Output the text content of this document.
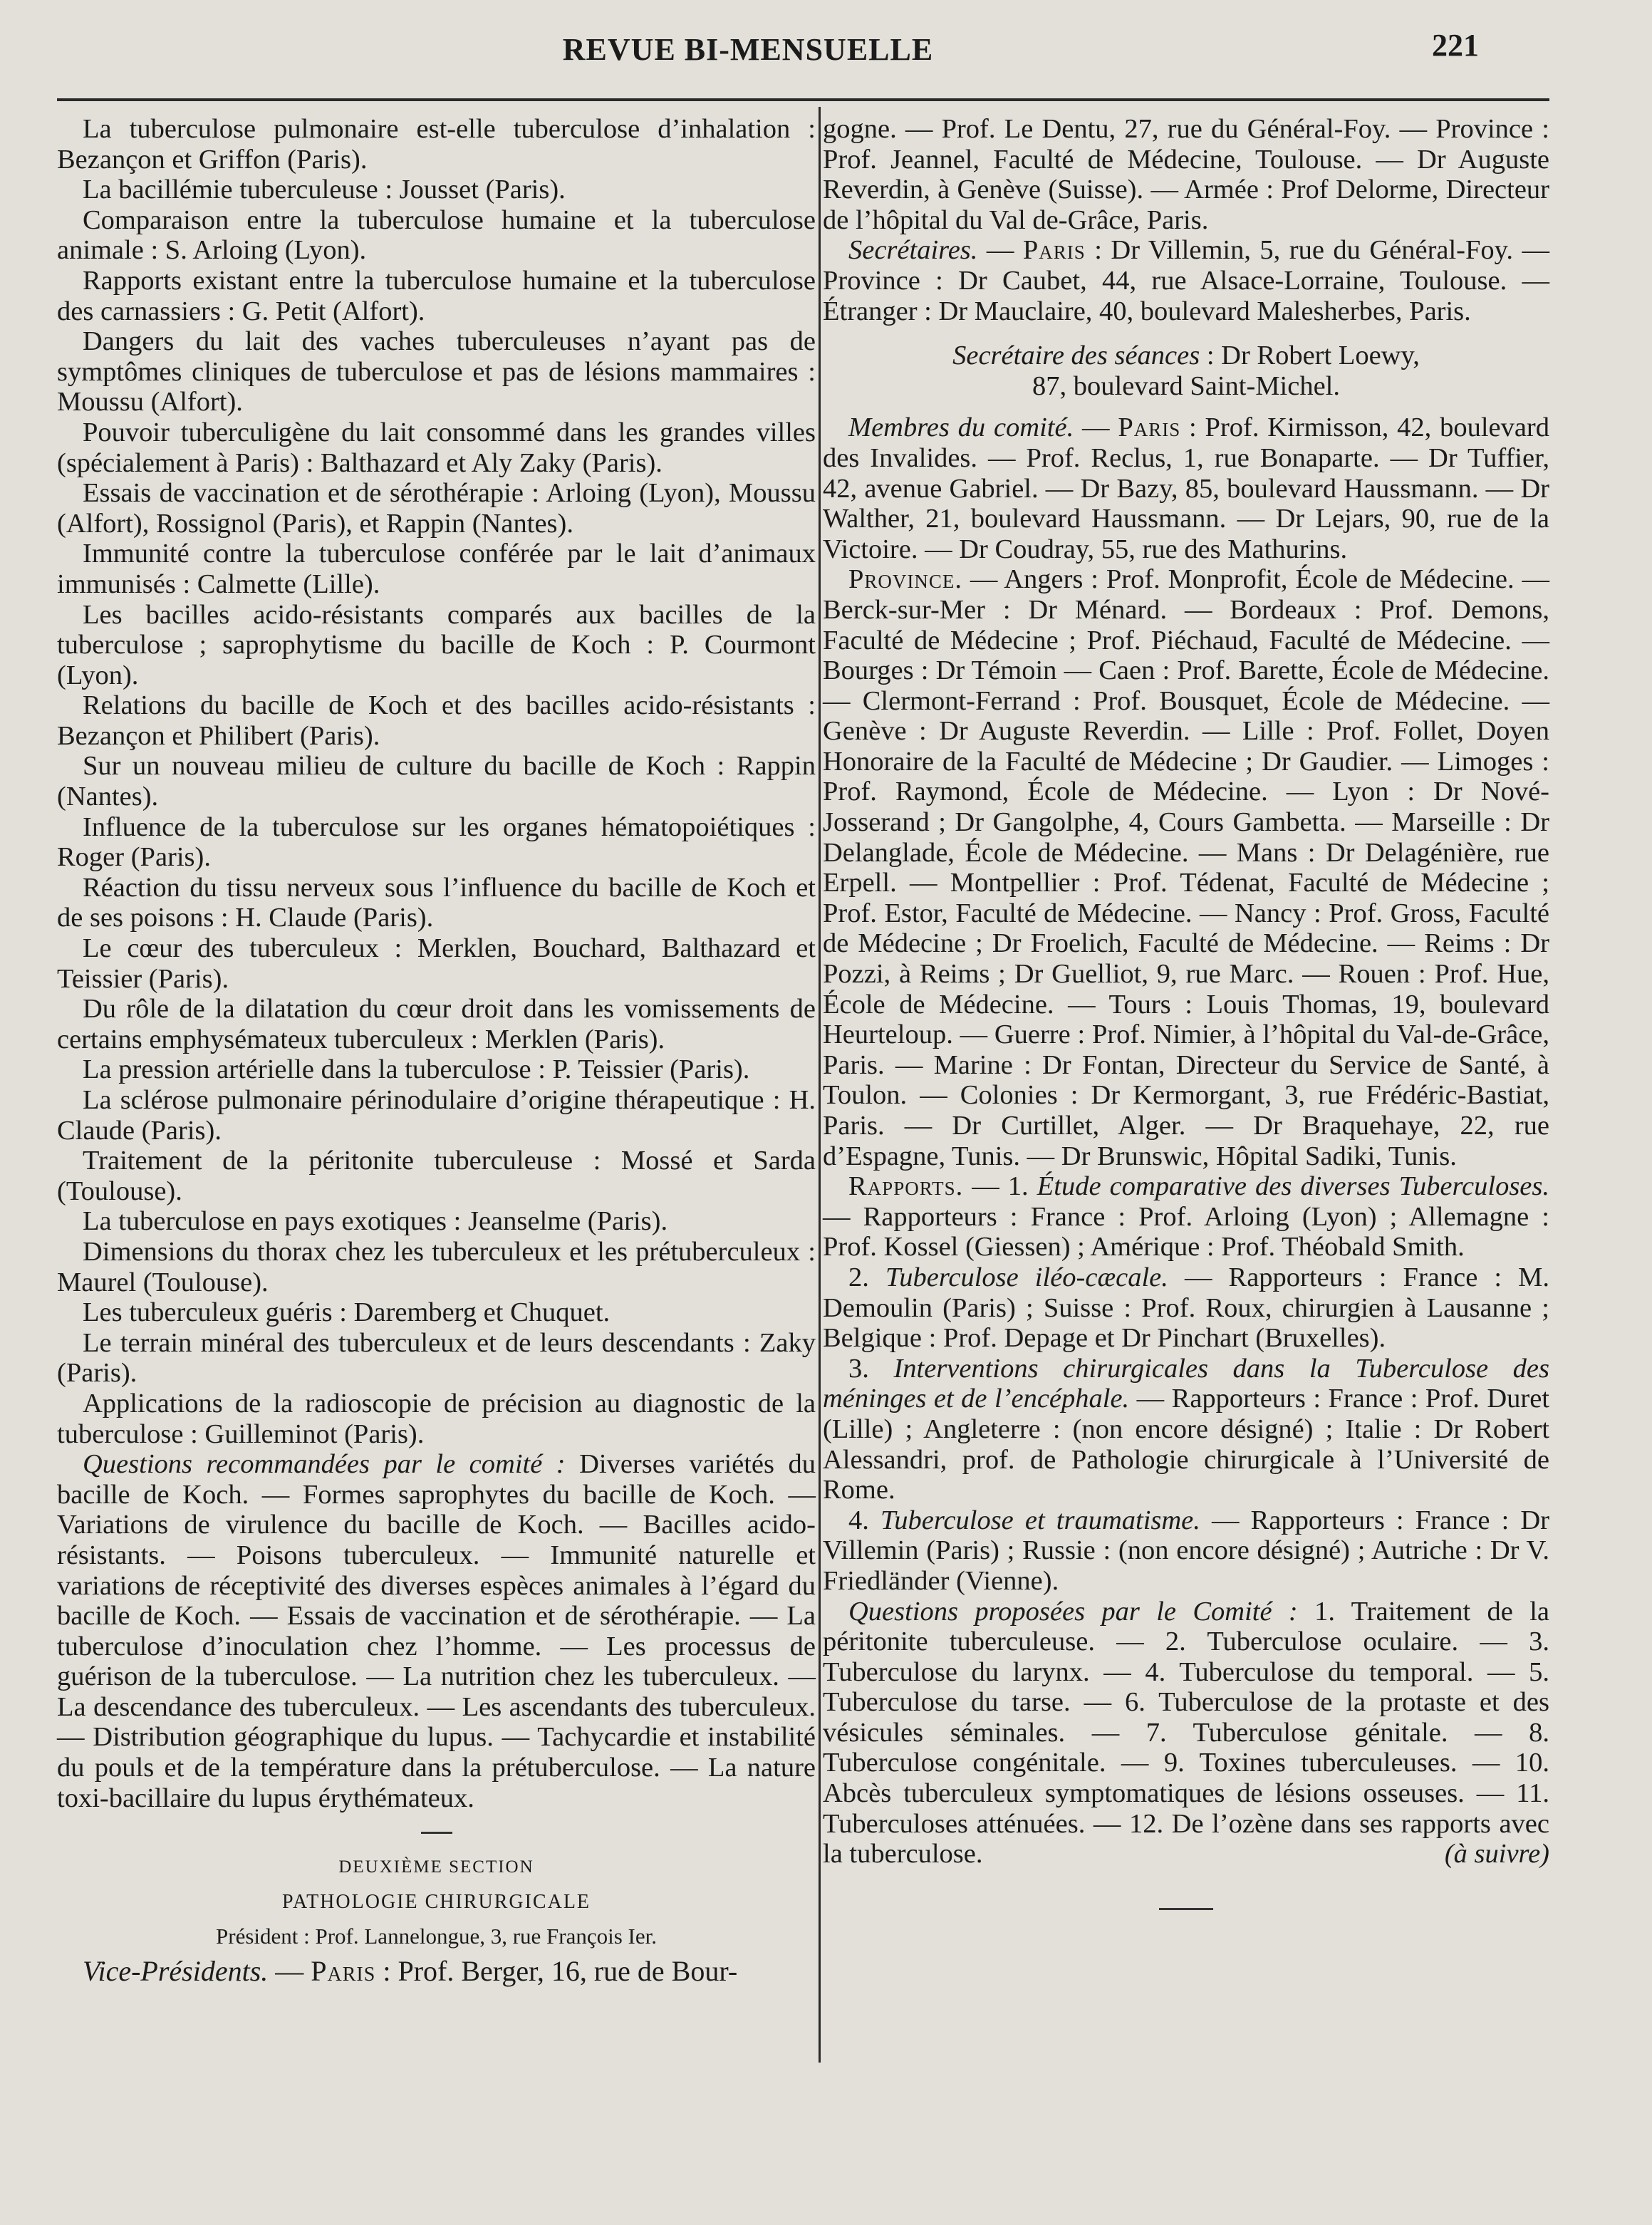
REVUE BI-MENSUELLE	221

La tuberculose pulmonaire est-elle tuberculose d’inhalation : Bezançon et Griffon (Paris).

La bacillémie tuberculeuse : Jousset (Paris).

Comparaison entre la tuberculose humaine et la tuberculose animale : S. Arloing (Lyon).

Rapports existant entre la tuberculose humaine et la tuberculose des carnassiers : G. Petit (Alfort).

Dangers du lait des vaches tuberculeuses n’ayant pas de symptômes cliniques de tuberculose et pas de lésions mammaires : Moussu (Alfort).

Pouvoir tuberculigène du lait consommé dans les grandes villes (spécialement à Paris) : Balthazard et Aly Zaky (Paris).

Essais de vaccination et de sérothérapie : Arloing (Lyon), Moussu (Alfort), Rossignol (Paris), et Rappin (Nantes).

Immunité contre la tuberculose conférée par le lait d’animaux immunisés : Calmette (Lille).

Les bacilles acido-résistants comparés aux bacilles de la tuberculose ; saprophytisme du bacille de Koch : P. Courmont (Lyon).

Relations du bacille de Koch et des bacilles acido-résistants : Bezançon et Philibert (Paris).

Sur un nouveau milieu de culture du bacille de Koch : Rappin (Nantes).

Influence de la tuberculose sur les organes hématopoiétiques : Roger (Paris).

Réaction du tissu nerveux sous l’influence du bacille de Koch et de ses poisons : H. Claude (Paris).

Le cœur des tuberculeux : Merklen, Bouchard, Balthazard et Teissier (Paris).

Du rôle de la dilatation du cœur droit dans les vomissements de certains emphysémateux tuberculeux : Merklen (Paris).

La pression artérielle dans la tuberculose : P. Teissier (Paris).

La sclérose pulmonaire périnodulaire d’origine thérapeutique : H. Claude (Paris).

Traitement de la péritonite tuberculeuse : Mossé et Sarda (Toulouse).

La tuberculose en pays exotiques : Jeanselme (Paris).

Dimensions du thorax chez les tuberculeux et les prétuberculeux : Maurel (Toulouse).

Les tuberculeux guéris : Daremberg et Chuquet.

Le terrain minéral des tuberculeux et de leurs descendants : Zaky (Paris).

Applications de la radioscopie de précision au diagnostic de la tuberculose : Guilleminot (Paris).

Questions recommandées par le comité : Diverses variétés du bacille de Koch. — Formes saprophytes du bacille de Koch. — Variations de virulence du bacille de Koch. — Bacilles acido-résistants. — Poisons tuberculeux. — Immunité naturelle et variations de réceptivité des diverses espèces animales à l’égard du bacille de Koch. — Essais de vaccination et de sérothérapie. — La tuberculose d’inoculation chez l’homme. — Les processus de guérison de la tuberculose. — La nutrition chez les tuberculeux. — La descendance des tuberculeux. — Les ascendants des tuberculeux. — Distribution géographique du lupus. — Tachycardie et instabilité du pouls et de la température dans la prétuberculose. — La nature toxi-bacillaire du lupus érythémateux.

DEUXIÈME SECTION

PATHOLOGIE CHIRURGICALE

Président : Prof. Lannelongue, 3, rue François Ier.

Vice-Présidents. — Paris : Prof. Berger, 16, rue de Bour-

gogne. — Prof. Le Dentu, 27, rue du Général-Foy. — Province : Prof. Jeannel, Faculté de Médecine, Toulouse. — Dr Auguste Reverdin, à Genève (Suisse). — Armée : Prof Delorme, Directeur de l’hôpital du Val de-Grâce, Paris.

Secrétaires. — Paris : Dr Villemin, 5, rue du Général-Foy. — Province : Dr Caubet, 44, rue Alsace-Lorraine, Toulouse. — Étranger : Dr Mauclaire, 40, boulevard Malesherbes, Paris.

Secrétaire des séances : Dr Robert Loewy,

87, boulevard Saint-Michel.

Membres du comité. — Paris : Prof. Kirmisson, 42, boulevard des Invalides. — Prof. Reclus, 1, rue Bonaparte. — Dr Tuffier, 42, avenue Gabriel. — Dr Bazy, 85, boulevard Haussmann. — Dr Walther, 21, boulevard Haussmann. — Dr Lejars, 90, rue de la Victoire. — Dr Coudray, 55, rue des Mathurins.

Province. — Angers : Prof. Monprofit, École de Médecine. — Berck-sur-Mer : Dr Ménard. — Bordeaux : Prof. Demons, Faculté de Médecine ; Prof. Piéchaud, Faculté de Médecine. — Bourges : Dr Témoin — Caen : Prof. Barette, École de Médecine. — Clermont-Ferrand : Prof. Bousquet, École de Médecine. — Genève : Dr Auguste Reverdin. — Lille : Prof. Follet, Doyen Honoraire de la Faculté de Médecine ; Dr Gaudier. — Limoges : Prof. Raymond, École de Médecine. — Lyon : Dr Nové-Josserand ; Dr Gangolphe, 4, Cours Gambetta. — Marseille : Dr Delanglade, École de Médecine. — Mans : Dr Delagénière, rue Erpell. — Montpellier : Prof. Tédenat, Faculté de Médecine ; Prof. Estor, Faculté de Médecine. — Nancy : Prof. Gross, Faculté de Médecine ; Dr Froelich, Faculté de Médecine. — Reims : Dr Pozzi, à Reims ; Dr Guelliot, 9, rue Marc. — Rouen : Prof. Hue, École de Médecine. — Tours : Louis Thomas, 19, boulevard Heurteloup. — Guerre : Prof. Nimier, à l’hôpital du Val-de-Grâce, Paris. — Marine : Dr Fontan, Directeur du Service de Santé, à Toulon. — Colonies : Dr Kermorgant, 3, rue Frédéric-Bastiat, Paris. — Dr Curtillet, Alger. — Dr Braquehaye, 22, rue d’Espagne, Tunis. — Dr Brunswic, Hôpital Sadiki, Tunis.

Rapports. — 1. Étude comparative des diverses Tuberculoses. — Rapporteurs : France : Prof. Arloing (Lyon) ; Allemagne : Prof. Kossel (Giessen) ; Amérique : Prof. Théobald Smith.

2. Tuberculose iléo-cæcale. — Rapporteurs : France : M. Demoulin (Paris) ; Suisse : Prof. Roux, chirurgien à Lausanne ; Belgique : Prof. Depage et Dr Pinchart (Bruxelles).

3. Interventions chirurgicales dans la Tuberculose des méninges et de l’encéphale. — Rapporteurs : France : Prof. Duret (Lille) ; Angleterre : (non encore désigné) ; Italie : Dr Robert Alessandri, prof. de Pathologie chirurgicale à l’Université de Rome.

4. Tuberculose et traumatisme. — Rapporteurs : France : Dr Villemin (Paris) ; Russie : (non encore désigné) ; Autriche : Dr V. Friedländer (Vienne).

Questions proposées par le Comité : 1. Traitement de la péritonite tuberculeuse. — 2. Tuberculose oculaire. — 3. Tuberculose du larynx. — 4. Tuberculose du temporal. — 5. Tuberculose du tarse. — 6. Tuberculose de la protaste et des vésicules séminales. — 7. Tuberculose génitale. — 8. Tuberculose congénitale. — 9. Toxines tuberculeuses. — 10. Abcès tuberculeux symptomatiques de lésions osseuses. — 11. Tuberculoses atténuées. — 12. De l’ozène dans ses rapports avec la tuberculose.	(à suivre)
